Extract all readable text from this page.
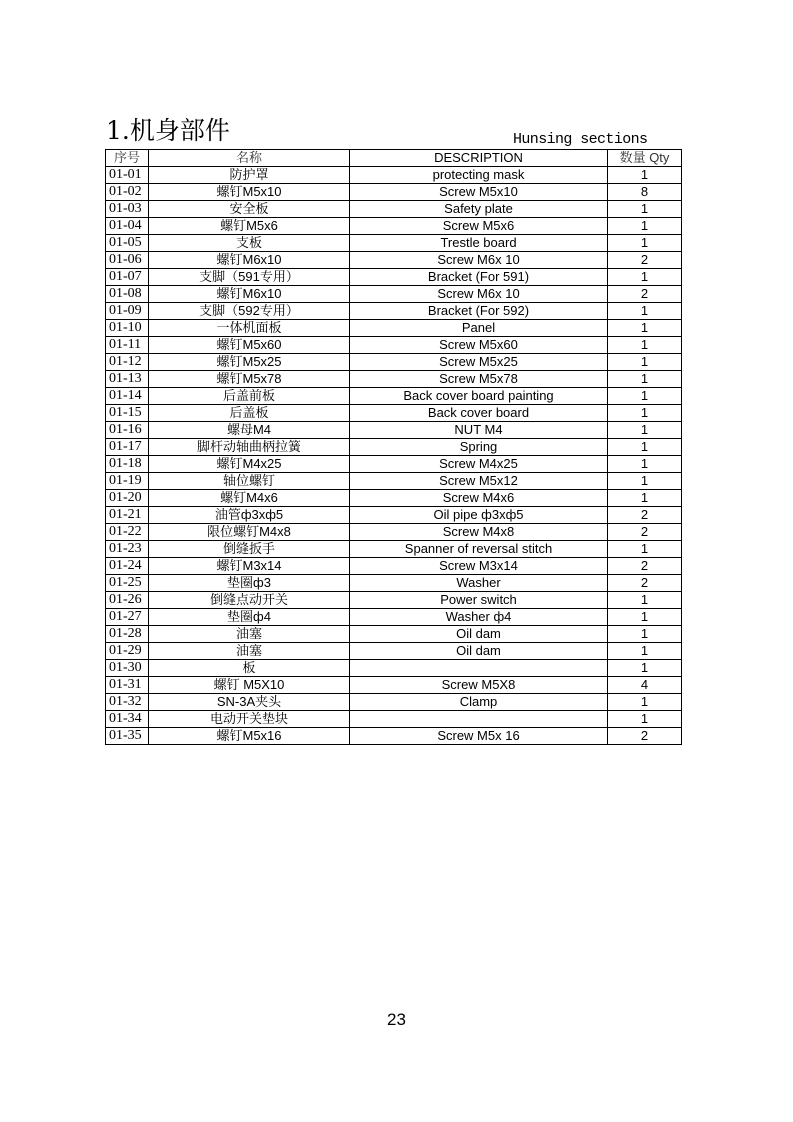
1.机身部件	Hunsing sections
序号	名称	DESCRIPTION	数量 Qty
01-01	防护罩	protecting mask	1
01-02	螺钉M5x10	Screw M5x10	8
01-03	安全板	Safety plate	1
01-04	螺钉M5x6	Screw M5x6	1
01-05	支板	Trestle board	1
01-06	螺钉M6x10	Screw M6x 10	2
01-07	支脚（591专用）	Bracket (For 591)	1
01-08	螺钉M6x10	Screw M6x 10	2
01-09	支脚（592专用）	Bracket (For 592)	1
01-10	一体机面板	Panel	1
01-11	螺钉M5x60	Screw M5x60	1
01-12	螺钉M5x25	Screw M5x25	1
01-13	螺钉M5x78	Screw M5x78	1
01-14	后盖前板	Back cover board painting	1
01-15	后盖板	Back cover board	1
01-16	螺母M4	NUT M4	1
01-17	脚杆动轴曲柄拉簧	Spring	1
01-18	螺钉M4x25	Screw M4x25	1
01-19	轴位螺钉	Screw M5x12	1
01-20	螺钉M4x6	Screw M4x6	1
01-21	油管ф3xф5	Oil pipe ф3xф5	2
01-22	限位螺钉M4x8	Screw M4x8	2
01-23	倒缝扳手	Spanner of reversal stitch	1
01-24	螺钉M3x14	Screw M3x14	2
01-25	垫圈ф3	Washer	2
01-26	倒缝点动开关	Power switch	1
01-27	垫圈ф4	Washer ф4	1
01-28	油塞	Oil dam	1
01-29	油塞	Oil dam	1
01-30	板		1
01-31	螺钉 M5X10	Screw M5X8	4
01-32	SN-3A夹头	Clamp	1
01-34	电动开关垫块		1
01-35	螺钉M5x16	Screw M5x 16	2
23
